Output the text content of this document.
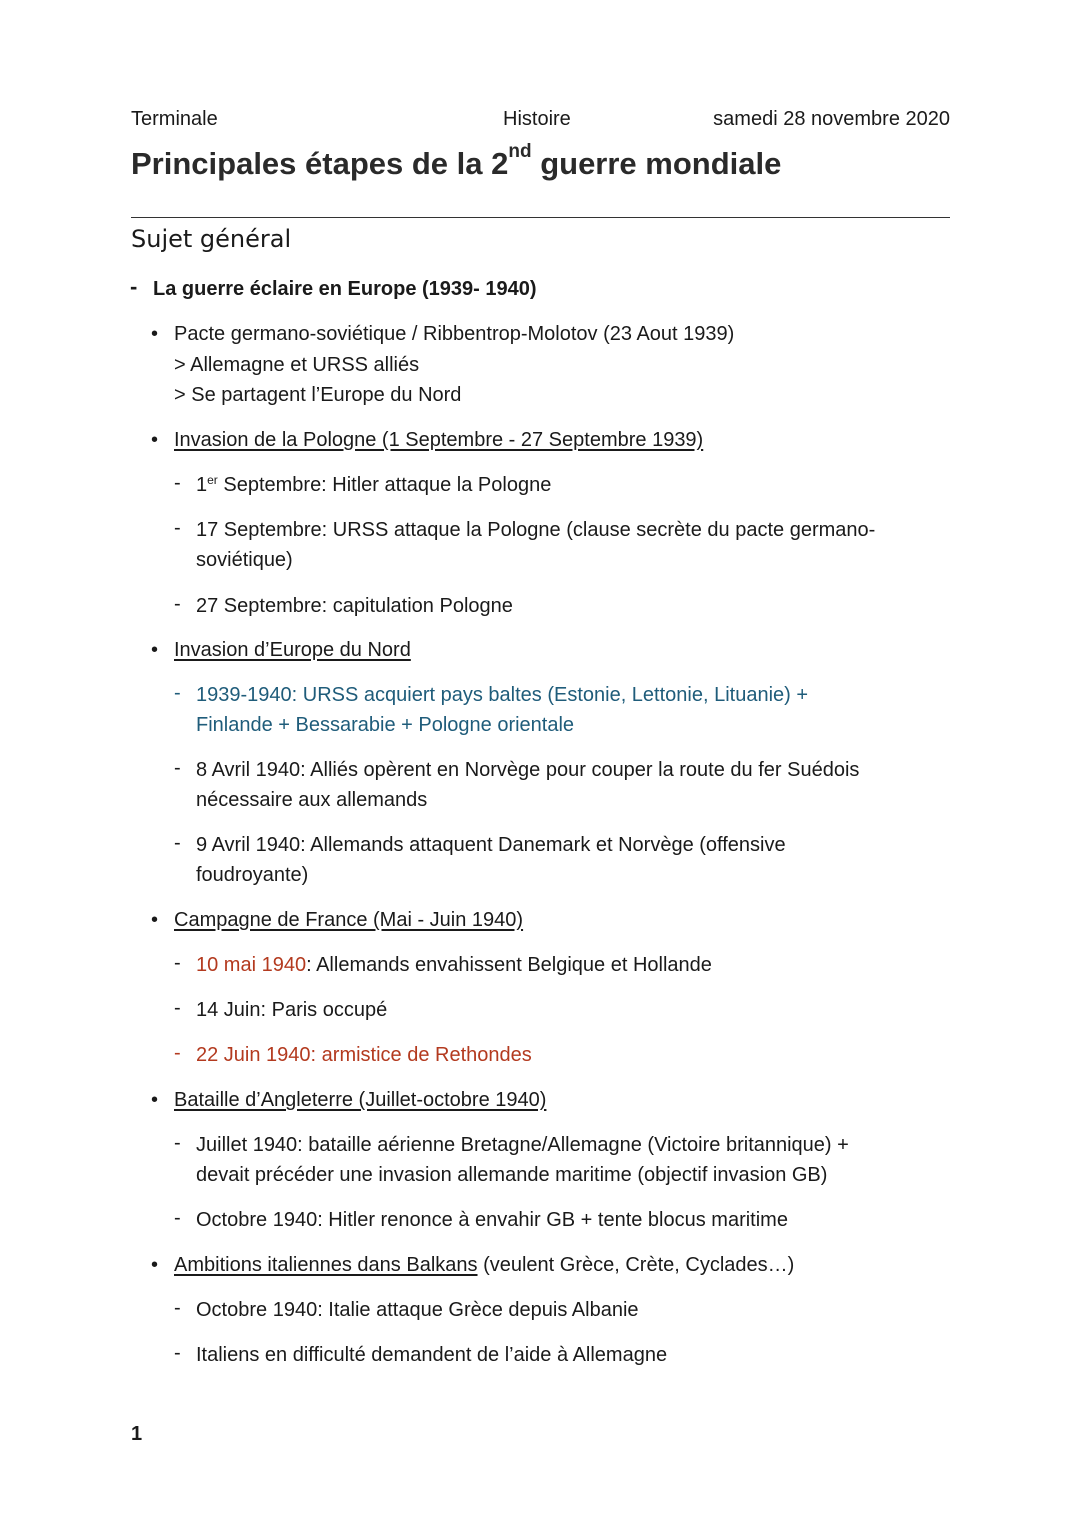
Terminale	Histoire	samedi 28 novembre 2020
Principales étapes de la 2nd guerre mondiale
Sujet général
- La guerre éclaire en Europe (1939- 1940)
• Pacte germano-soviétique / Ribbentrop-Molotov (23 Aout 1939)
> Allemagne et URSS alliés
> Se partagent l’Europe du Nord
• Invasion de la Pologne (1 Septembre - 27 Septembre 1939)
- 1er Septembre: Hitler attaque la Pologne
- 17 Septembre: URSS attaque la Pologne (clause secrète du pacte germano-
soviétique)
- 27 Septembre: capitulation Pologne
• Invasion d’Europe du Nord
- 1939-1940: URSS acquiert pays baltes (Estonie, Lettonie, Lituanie) +
Finlande + Bessarabie + Pologne orientale
- 8 Avril 1940: Alliés opèrent en Norvège pour couper la route du fer Suédois
nécessaire aux allemands
- 9 Avril 1940: Allemands attaquent Danemark et Norvège (offensive
foudroyante)
• Campagne de France (Mai - Juin 1940)
- 10 mai 1940: Allemands envahissent Belgique et Hollande
- 14 Juin: Paris occupé
- 22 Juin 1940: armistice de Rethondes
• Bataille d’Angleterre (Juillet-octobre 1940)
- Juillet 1940: bataille aérienne Bretagne/Allemagne (Victoire britannique) +
devait précéder une invasion allemande maritime (objectif invasion GB)
- Octobre 1940: Hitler renonce à envahir GB + tente blocus maritime
• Ambitions italiennes dans Balkans (veulent Grèce, Crète, Cyclades…)
- Octobre 1940: Italie attaque Grèce depuis Albanie
- Italiens en difficulté demandent de l’aide à Allemagne
1
